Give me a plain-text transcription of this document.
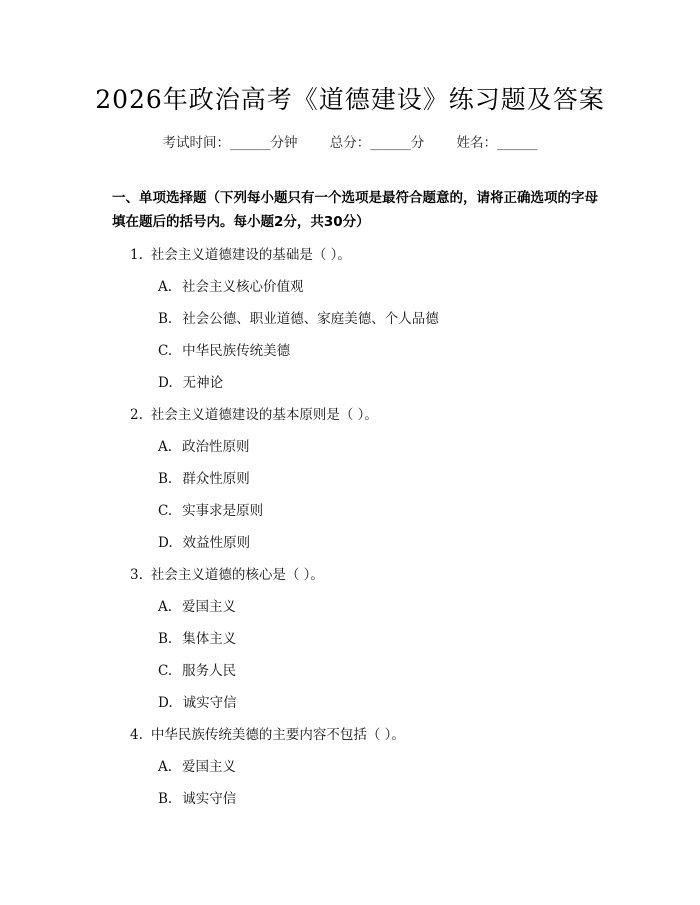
2026年政治高考《道德建设》练习题及答案
考试时间：______分钟 总分：______分 姓名：______
一、单项选择题（下列每小题只有一个选项是最符合题意的，请将正确选项的字母填在题后的括号内。每小题2分，共30分）
1. 社会主义道德建设的基础是（ ）。
A. 社会主义核心价值观
B. 社会公德、职业道德、家庭美德、个人品德
C. 中华民族传统美德
D. 无神论
2. 社会主义道德建设的基本原则是（ ）。
A. 政治性原则
B. 群众性原则
C. 实事求是原则
D. 效益性原则
3. 社会主义道德的核心是（ ）。
A. 爱国主义
B. 集体主义
C. 服务人民
D. 诚实守信
4. 中华民族传统美德的主要内容不包括（ ）。
A. 爱国主义
B. 诚实守信
